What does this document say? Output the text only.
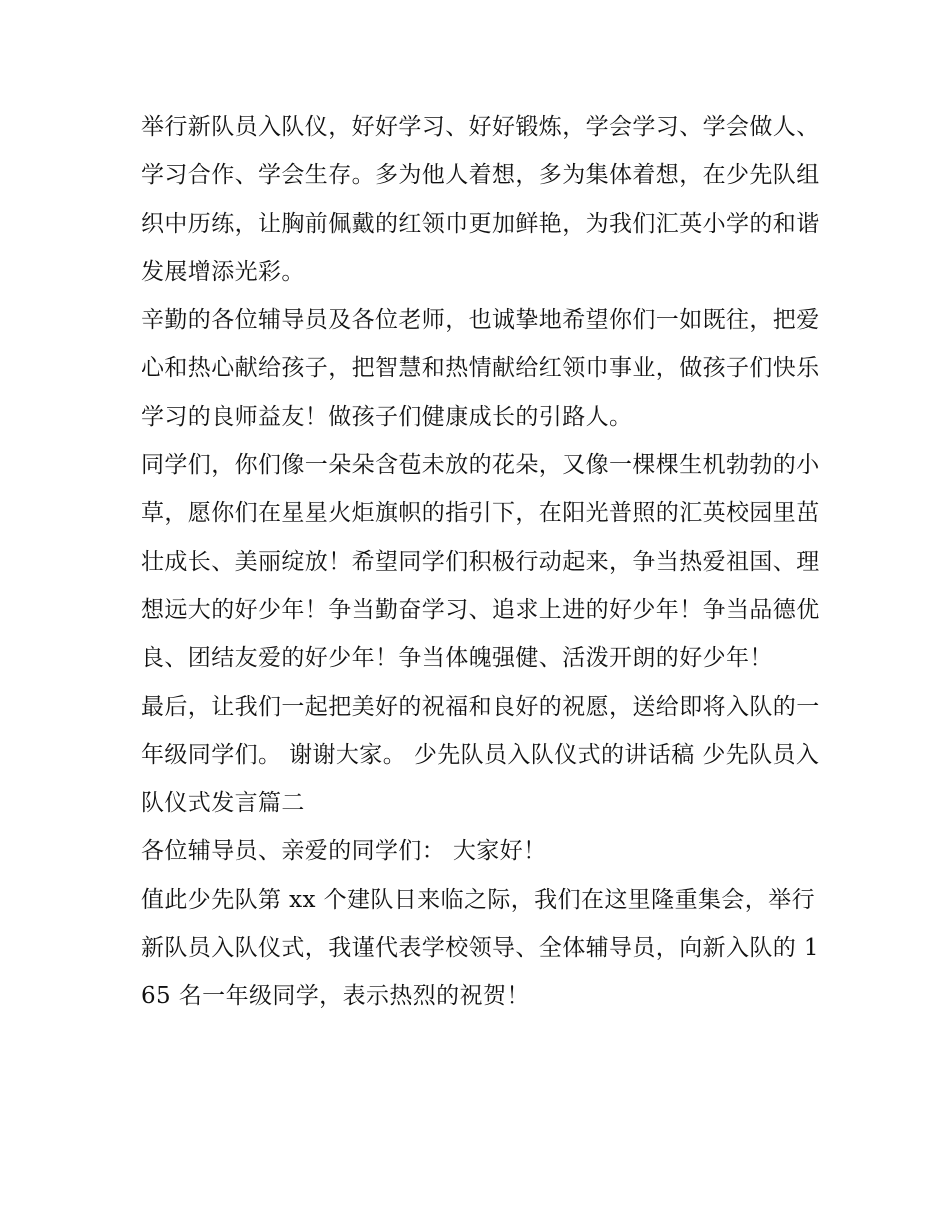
举行新队员入队仪，好好学习、好好锻炼，学会学习、学会做人、学习合作、学会生存。多为他人着想，多为集体着想，在少先队组织中历练，让胸前佩戴的红领巾更加鲜艳，为我们汇英小学的和谐发展增添光彩。

辛勤的各位辅导员及各位老师，也诚挚地希望你们一如既往，把爱心和热心献给孩子，把智慧和热情献给红领巾事业，做孩子们快乐学习的良师益友！做孩子们健康成长的引路人。

同学们，你们像一朵朵含苞未放的花朵，又像一棵棵生机勃勃的小草，愿你们在星星火炬旗帜的指引下，在阳光普照的汇英校园里茁壮成长、美丽绽放！希望同学们积极行动起来，争当热爱祖国、理想远大的好少年！争当勤奋学习、追求上进的好少年！争当品德优良、团结友爱的好少年！争当体魄强健、活泼开朗的好少年！

最后，让我们一起把美好的祝福和良好的祝愿，送给即将入队的一年级同学们。 谢谢大家。 少先队员入队仪式的讲话稿 少先队员入队仪式发言篇二

各位辅导员、亲爱的同学们： 大家好！

值此少先队第 xx 个建队日来临之际，我们在这里隆重集会，举行新队员入队仪式，我谨代表学校领导、全体辅导员，向新入队的 165 名一年级同学，表示热烈的祝贺！
